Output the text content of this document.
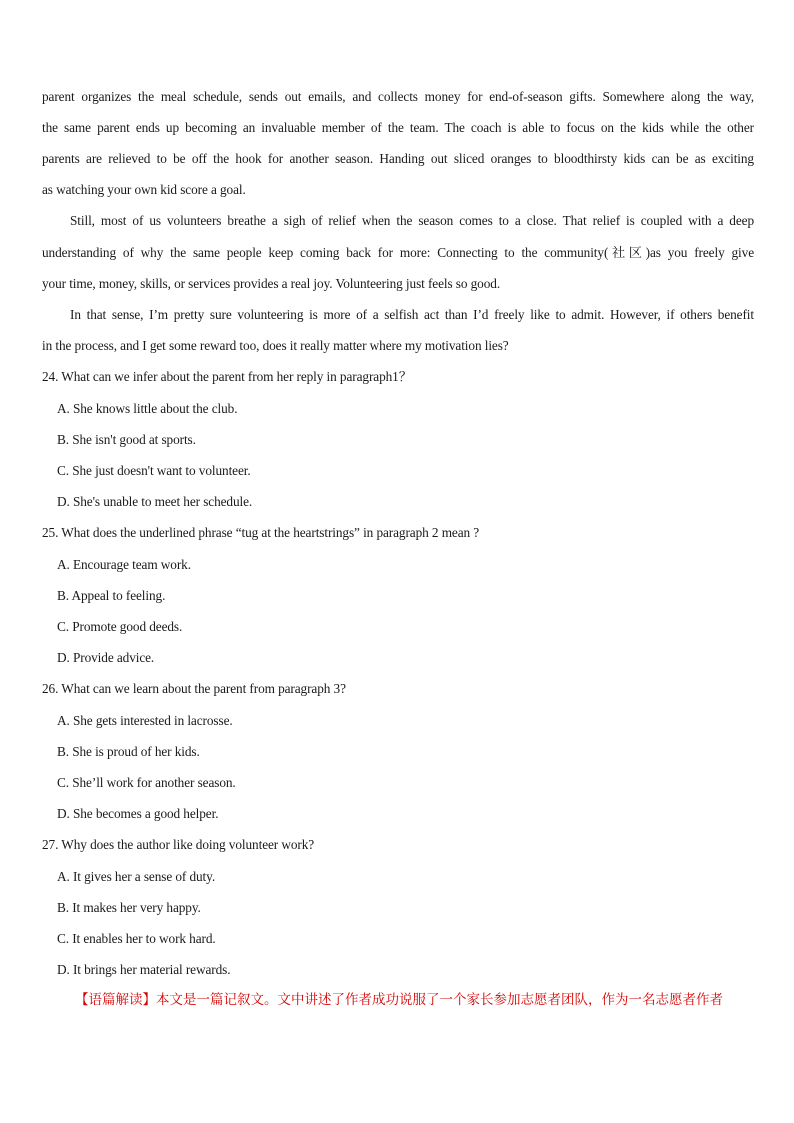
parent organizes the meal schedule, sends out emails, and collects money for end-of-season gifts. Somewhere along the way,
the same parent ends up becoming an invaluable member of the team. The coach is able to focus on the kids while the other
parents are relieved to be off the hook for another season. Handing out sliced oranges to bloodthirsty kids can be as exciting
as watching your own kid score a goal.
Still, most of us volunteers breathe a sigh of relief when the season comes to a close. That relief is coupled with a deep
understanding of why the same people keep coming back for more: Connecting to the community(社区)as you freely give
your time, money, skills, or services provides a real joy. Volunteering just feels so good.
In that sense, I’m pretty sure volunteering is more of a selfish act than I’d freely like to admit. However, if others benefit
in the process, and I get some reward too, does it really matter where my motivation lies?
24. What can we infer about the parent from her reply in paragraph1？
A. She knows little about the club.
B. She isn't good at sports.
C. She just doesn't want to volunteer.
D. She's unable to meet her schedule.
25. What does the underlined phrase “tug at the heartstrings” in paragraph 2 mean ?
A. Encourage team work.
B. Appeal to feeling.
C. Promote good deeds.
D. Provide advice.
26. What can we learn about the parent from paragraph 3?
A. She gets interested in lacrosse.
B. She is proud of her kids.
C. She’ll work for another season.
D. She becomes a good helper.
27. Why does the author like doing volunteer work?
A. It gives her a sense of duty.
B. It makes her very happy.
C. It enables her to work hard.
D. It brings her material rewards.
【语篇解读】本文是一篇记叙文。文中讲述了作者成功说服了一个家长参加志愿者团队，作为一名志愿者作者
